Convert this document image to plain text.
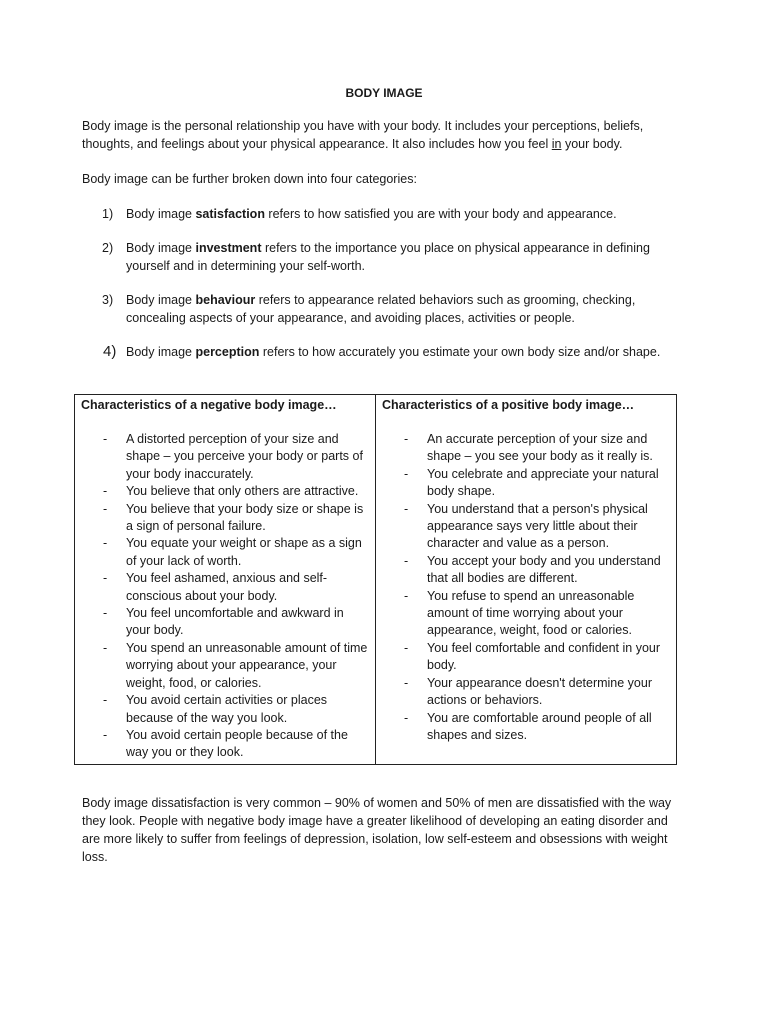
BODY IMAGE

Body image is the personal relationship you have with your body. It includes your perceptions, beliefs, thoughts, and feelings about your physical appearance. It also includes how you feel in your body.

Body image can be further broken down into four categories:

1) Body image satisfaction refers to how satisfied you are with your body and appearance.
2) Body image investment refers to the importance you place on physical appearance in defining yourself and in determining your self-worth.
3) Body image behaviour refers to appearance related behaviors such as grooming, checking, concealing aspects of your appearance, and avoiding places, activities or people.
4) Body image perception refers to how accurately you estimate your own body size and/or shape.
Characteristics of a negative body image…
- A distorted perception of your size and shape – you perceive your body or parts of your body inaccurately.
- You believe that only others are attractive.
- You believe that your body size or shape is a sign of personal failure.
- You equate your weight or shape as a sign of your lack of worth.
- You feel ashamed, anxious and self-conscious about your body.
- You feel uncomfortable and awkward in your body.
- You spend an unreasonable amount of time worrying about your appearance, your weight, food, or calories.
- You avoid certain activities or places because of the way you look.
- You avoid certain people because of the way you or they look.

Characteristics of a positive body image…
- An accurate perception of your size and shape – you see your body as it really is.
- You celebrate and appreciate your natural body shape.
- You understand that a person's physical appearance says very little about their character and value as a person.
- You accept your body and you understand that all bodies are different.
- You refuse to spend an unreasonable amount of time worrying about your appearance, weight, food or calories.
- You feel comfortable and confident in your body.
- Your appearance doesn't determine your actions or behaviors.
- You are comfortable around people of all shapes and sizes.

Body image dissatisfaction is very common – 90% of women and 50% of men are dissatisfied with the way they look. People with negative body image have a greater likelihood of developing an eating disorder and are more likely to suffer from feelings of depression, isolation, low self-esteem and obsessions with weight loss.
